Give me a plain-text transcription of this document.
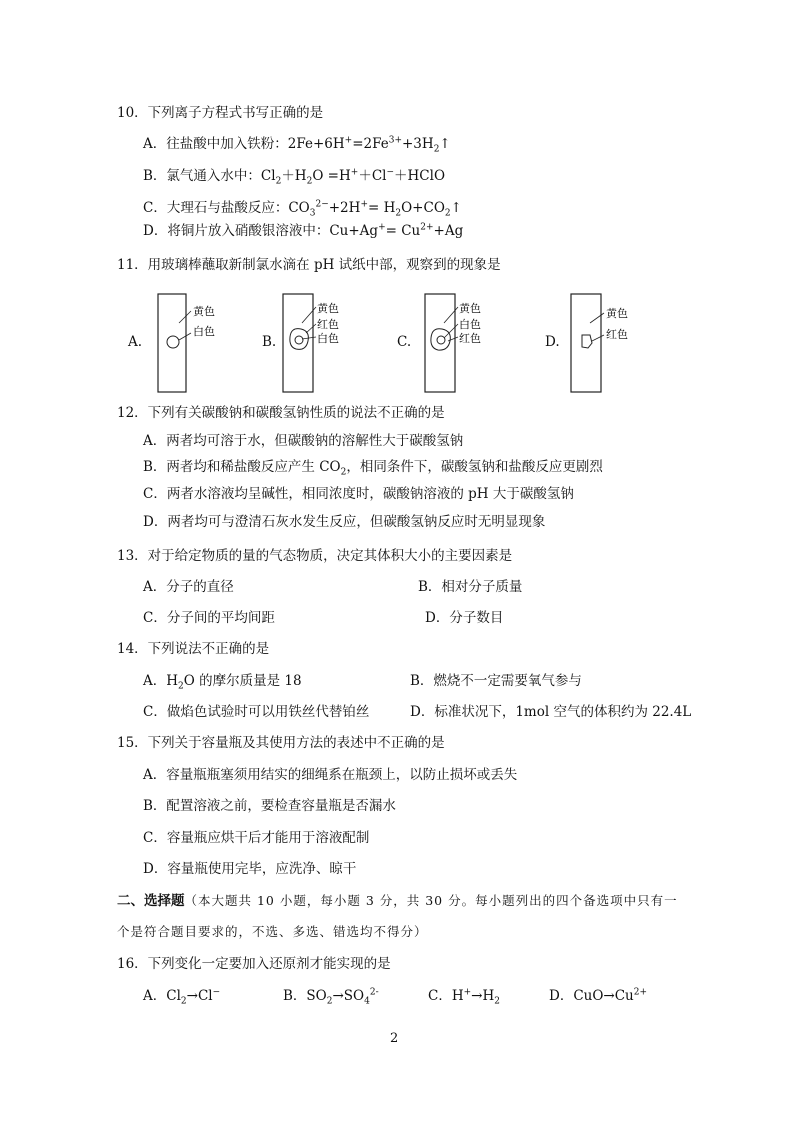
10．下列离子方程式书写正确的是
A．往盐酸中加入铁粉：$2Fe+6H^+=2Fe^{3+}+3H_2↑$
B．氯气通入水中：$Cl_2+H_2O$ =H+＋Cl−＋HClO
C．大理石与盐酸反应：$CO_3^{2-}+2H^+=$ $H_2O+CO_2↑$
D．将铜片放入硝酸银溶液中：$Cu+Ag^+= Cu^{2+}+Ag$
11．用玻璃棒蘸取新制氯水滴在 pH 试纸中部，观察到的现象是
A.
黄色
白色
B.
黄色
红色
白色	C.
黄色
白色
红色	D.
黄色
红色
12．下列有关碳酸钠和碳酸氢钠性质的说法不正确的是
A．两者均可溶于水，但碳酸钠的溶解性大于碳酸氢钠
B．两者均和稀盐酸反应产生 $CO_2$，相同条件下，碳酸氢钠和盐酸反应更剧烈
C．两者水溶液均呈碱性，相同浓度时，碳酸钠溶液的 pH 大于碳酸氢钠
D．两者均可与澄清石灰水发生反应，但碳酸氢钠反应时无明显现象
13．对于给定物质的量的气态物质，决定其体积大小的主要因素是
A．分子的直径	B．相对分子质量
C．分子间的平均间距	D．分子数目
14．下列说法不正确的是
A．$H_2O$ 的摩尔质量是 18	B．燃烧不一定需要氧气参与
C．做焰色试验时可以用铁丝代替铂丝	D．标准状况下，1mol 空气的体积约为 22.4L
15．下列关于容量瓶及其使用方法的表述中不正确的是
A．容量瓶瓶塞须用结实的细绳系在瓶颈上，以防止损坏或丢失
B．配置溶液之前，要检查容量瓶是否漏水
C．容量瓶应烘干后才能用于溶液配制
D．容量瓶使用完毕，应洗净、晾干
二、选择题（本大题共 10 小题，每小题 3 分，共 30 分。每小题列出的四个备选项中只有一
个是符合题目要求的，不选、多选、错选均不得分）
16．下列变化一定要加入还原剂才能实现的是
A．$Cl_2\to Cl^-$	B．$SO_2\to SO_4^{2-}$	C．$H^+\to H_2$	D．$CuO\to Cu^{2+}$
2
